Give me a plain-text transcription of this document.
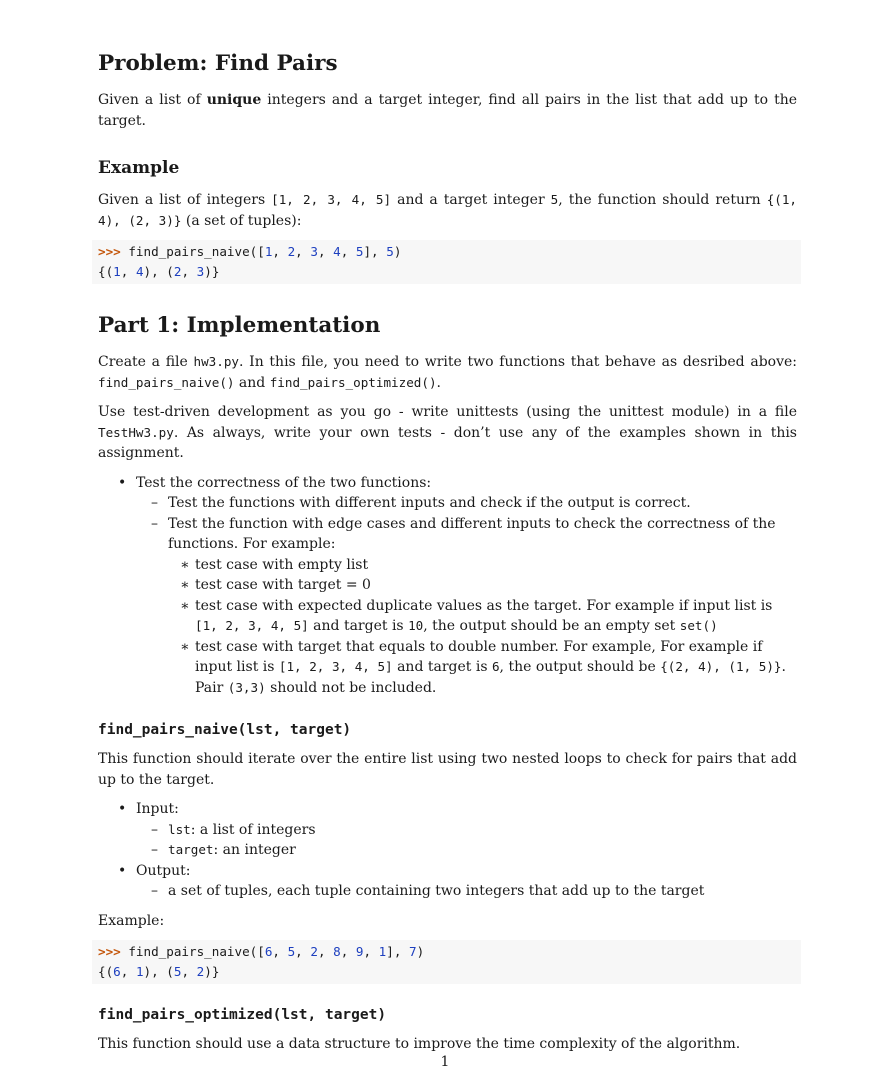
Problem: Find Pairs

Given a list of unique integers and a target integer, find all pairs in the list that add up to the target.

Example

Given a list of integers [1, 2, 3, 4, 5] and a target integer 5, the function should return {(1, 4), (2, 3)} (a set of tuples):

>>> find_pairs_naive([1, 2, 3, 4, 5], 5)
{(1, 4), (2, 3)}
Part 1: Implementation

Create a file hw3.py. In this file, you need to write two functions that behave as desribed above: find_pairs_naive() and find_pairs_optimized().

Use test-driven development as you go - write unittests (using the unittest module) in a file TestHw3.py. As always, write your own tests - don’t use any of the examples shown in this assignment.

• Test the correctness of the two functions:
– Test the functions with different inputs and check if the output is correct.
– Test the function with edge cases and different inputs to check the correctness of the functions. For example:
∗ test case with empty list
∗ test case with target = 0
∗ test case with expected duplicate values as the target. For example if input list is [1, 2, 3, 4, 5] and target is 10, the output should be an empty set set()
∗ test case with target that equals to double number. For example, For example if input list is [1, 2, 3, 4, 5] and target is 6, the output should be {(2, 4), (1, 5)}. Pair (3,3) should not be included.
find_pairs_naive(lst, target)

This function should iterate over the entire list using two nested loops to check for pairs that add up to the target.

• Input:
– lst: a list of integers
– target: an integer
• Output:
– a set of tuples, each tuple containing two integers that add up to the target

Example:

>>> find_pairs_naive([6, 5, 2, 8, 9, 1], 7)
{(6, 1), (5, 2)}
find_pairs_optimized(lst, target)

This function should use a data structure to improve the time complexity of the algorithm.

1
